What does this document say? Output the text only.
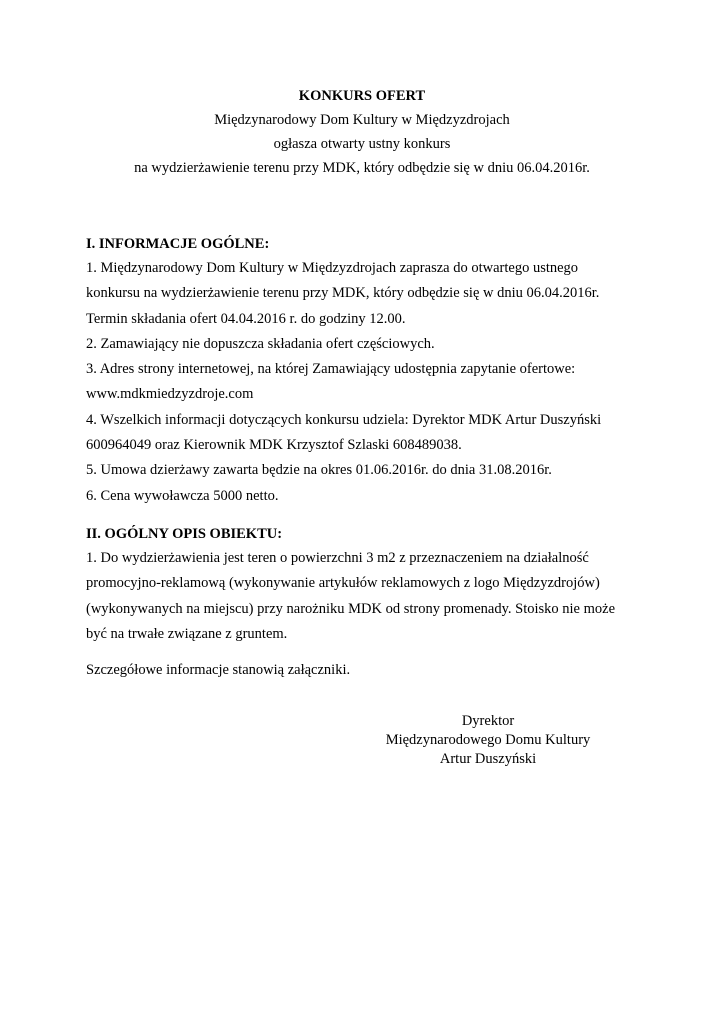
KONKURS OFERT

Międzynarodowy Dom Kultury w Międzyzdrojach

ogłasza otwarty ustny konkurs

na wydzierżawienie terenu przy MDK, który odbędzie się w dniu 06.04.2016r.

I. INFORMACJE OGÓLNE:

1. Międzynarodowy Dom Kultury w Międzyzdrojach zaprasza do otwartego ustnego

konkursu na wydzierżawienie terenu przy MDK, który odbędzie się w dniu 06.04.2016r.

Termin składania ofert 04.04.2016 r. do godziny 12.00.

2. Zamawiający nie dopuszcza składania ofert częściowych.

3. Adres strony internetowej, na której Zamawiający udostępnia zapytanie ofertowe:

www.mdkmiedzyzdroje.com

4. Wszelkich informacji dotyczących konkursu udziela: Dyrektor MDK Artur Duszyński

600964049 oraz Kierownik MDK Krzysztof Szlaski 608489038.

5. Umowa dzierżawy zawarta będzie na okres 01.06.2016r. do dnia 31.08.2016r.

6. Cena wywoławcza 5000 netto.

II. OGÓLNY OPIS OBIEKTU:

1. Do wydzierżawienia jest teren o powierzchni 3 m2 z przeznaczeniem na działalność

promocyjno-reklamową (wykonywanie artykułów reklamowych z logo Międzyzdrojów)

(wykonywanych na miejscu) przy narożniku MDK od strony promenady. Stoisko nie może

być na trwałe związane z gruntem.

Szczegółowe informacje stanowią załączniki.

Dyrektor

Międzynarodowego Domu Kultury

Artur Duszyński
